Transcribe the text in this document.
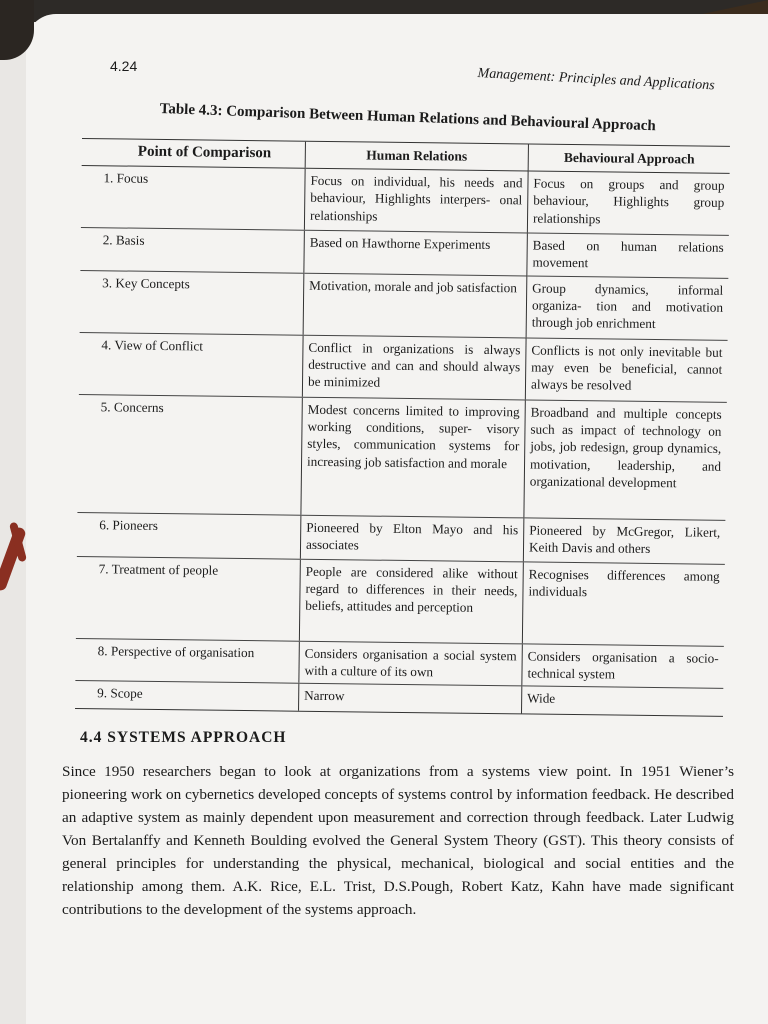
4.24	Management: Principles and Applications
Table 4.3: Comparison Between Human Relations and Behavioural Approach
Point of Comparison	Human Relations	Behavioural Approach
1. Focus	Focus on individual, his needs and behaviour, Highlights interpers- onal relationships	Focus on groups and group behaviour, Highlights group relationships
2. Basis	Based on Hawthorne Experiments	Based on human relations movement
3. Key Concepts	Motivation, morale and job satisfaction	Group dynamics, informal organiza- tion and motivation through job enrichment
4. View of Conflict	Conflict in organizations is always destructive and can and should always be minimized	Conflicts is not only inevitable but may even be beneficial, cannot always be resolved
5. Concerns	Modest concerns limited to improving working conditions, super- visory styles, communication systems for increasing job satisfaction and morale	Broadband and multiple concepts such as impact of technology on jobs, job redesign, group dynamics, motivation, leadership, and organizational development
6. Pioneers	Pioneered by Elton Mayo and his associates	Pioneered by McGregor, Likert, Keith Davis and others
7. Treatment of people	People are considered alike without regard to differences in their needs, beliefs, attitudes and perception	Recognises differences among individuals
8. Perspective of organisation	Considers organisation a social system with a culture of its own	Considers organisation a socio- technical system
9. Scope	Narrow	Wide
4.4 SYSTEMS APPROACH
Since 1950 researchers began to look at organizations from a systems view point. In 1951 Wiener’s pioneering work on cybernetics developed concepts of systems control by information feedback. He described an adaptive system as mainly dependent upon measurement and correction through feedback. Later Ludwig Von Bertalanffy and Kenneth Boulding evolved the General System Theory (GST). This theory consists of general principles for understanding the physical, mechanical, biological and social entities and the relationship among them. A.K. Rice, E.L. Trist, D.S.Pough, Robert Katz, Kahn have made significant contributions to the development of the systems approach.
